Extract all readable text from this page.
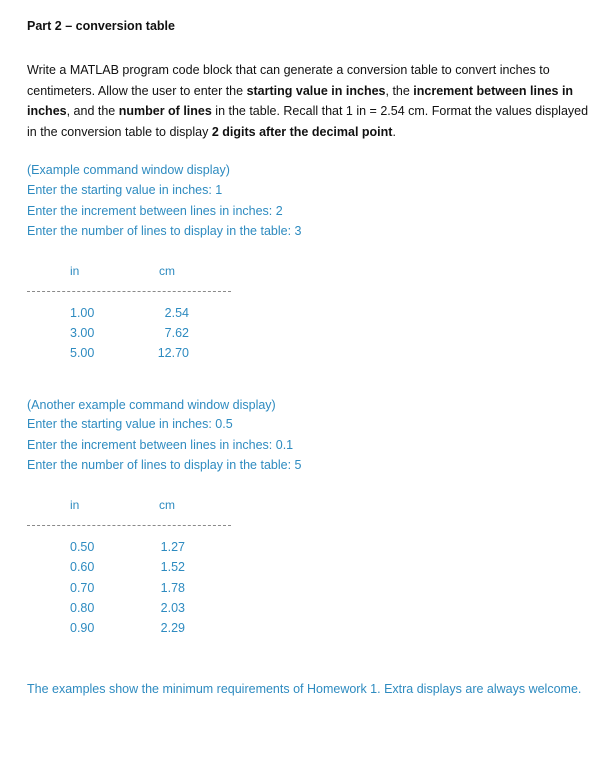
Part 2 – conversion table
Write a MATLAB program code block that can generate a conversion table to convert inches to centimeters. Allow the user to enter the starting value in inches, the increment between lines in inches, and the number of lines in the table. Recall that 1 in = 2.54 cm. Format the values displayed in the conversion table to display 2 digits after the decimal point.
(Example command window display)
Enter the starting value in inches: 1
Enter the increment between lines in inches: 2
Enter the number of lines to display in the table: 3
in	cm
1.00	2.54
3.00	7.62
5.00	12.70
(Another example command window display)
Enter the starting value in inches: 0.5
Enter the increment between lines in inches: 0.1
Enter the number of lines to display in the table: 5
in	cm
0.50	1.27
0.60	1.52
0.70	1.78
0.80	2.03
0.90	2.29
The examples show the minimum requirements of Homework 1. Extra displays are always welcome.
